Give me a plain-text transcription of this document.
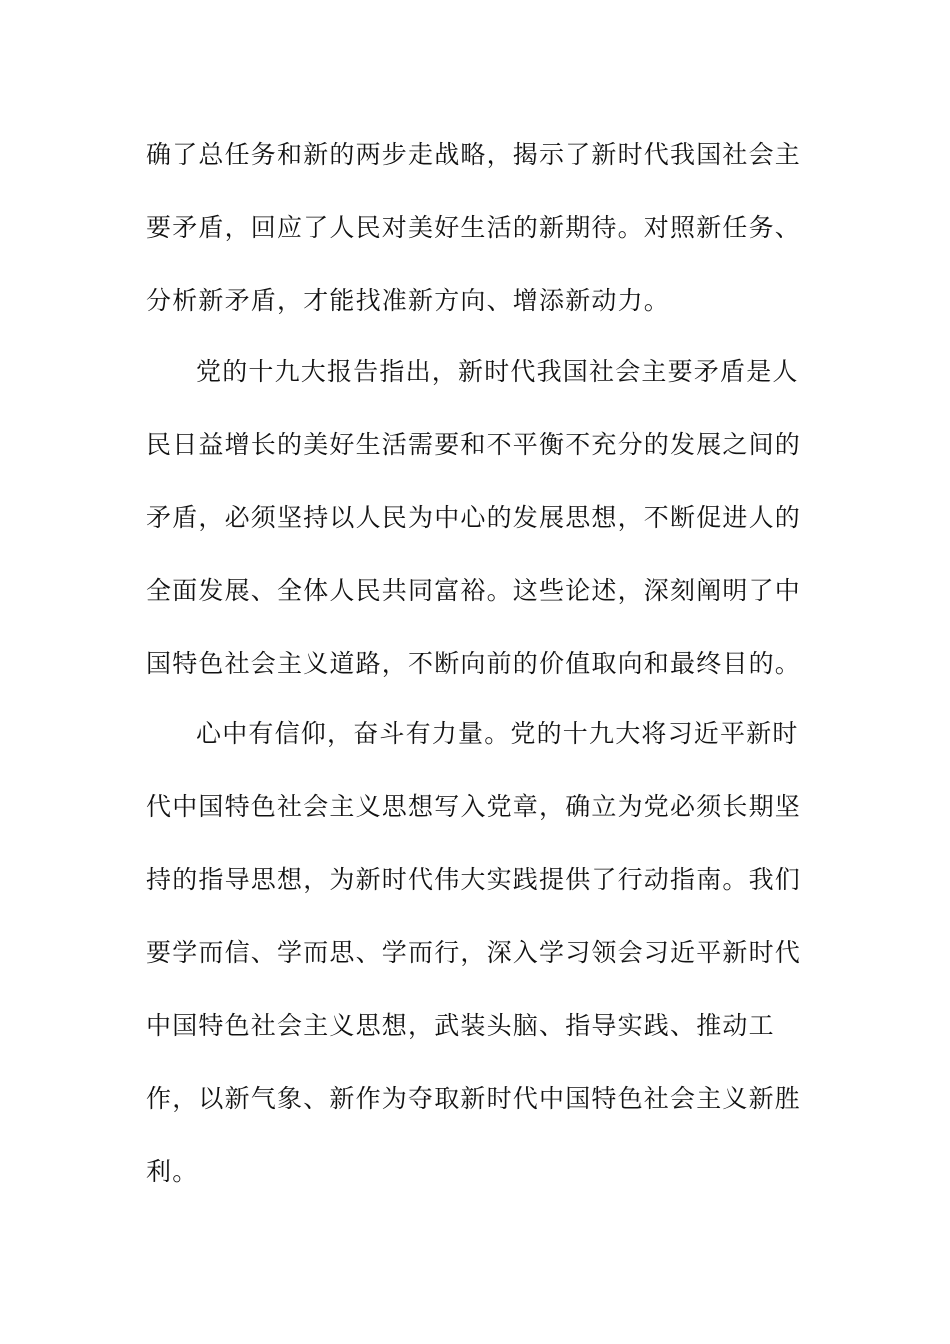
确了总任务和新的两步走战略，揭示了新时代我国社会主
要矛盾，回应了人民对美好生活的新期待。对照新任务、
分析新矛盾，才能找准新方向、增添新动力。
党的十九大报告指出，新时代我国社会主要矛盾是人
民日益增长的美好生活需要和不平衡不充分的发展之间的
矛盾，必须坚持以人民为中心的发展思想，不断促进人的
全面发展、全体人民共同富裕。这些论述，深刻阐明了中
国特色社会主义道路，不断向前的价值取向和最终目的。
心中有信仰，奋斗有力量。党的十九大将习近平新时
代中国特色社会主义思想写入党章，确立为党必须长期坚
持的指导思想，为新时代伟大实践提供了行动指南。我们
要学而信、学而思、学而行，深入学习领会习近平新时代
中国特色社会主义思想，武装头脑、指导实践、推动工
作，以新气象、新作为夺取新时代中国特色社会主义新胜
利。
